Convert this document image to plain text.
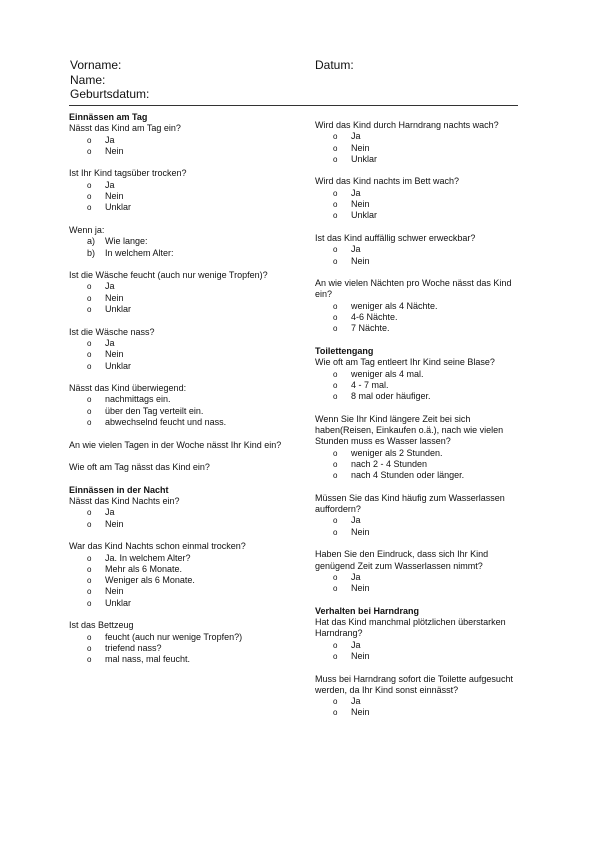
Vorname:
Name:
Geburtsdatum:
Datum:

Einnässen am Tag

Nässt das Kind am Tag ein?

o Ja
o Nein

Ist Ihr Kind tagsüber trocken?

o Ja
o Nein
o Unklar

Wenn ja:

a) Wie lange:
b) In welchem Alter:

Ist die Wäsche feucht (auch nur wenige Tropfen)?

o Ja
o Nein
o Unklar

Ist die Wäsche nass?

o Ja
o Nein
o Unklar

Nässt das Kind überwiegend:

o nachmittags ein.
o über den Tag verteilt ein.
o abwechselnd feucht und nass.

An wie vielen Tagen in der Woche nässt Ihr Kind ein?

Wie oft am Tag nässt das Kind ein?

Einnässen in der Nacht

Nässt das Kind Nachts ein?

o Ja
o Nein

War das Kind Nachts schon einmal trocken?

o Ja. In welchem Alter?
o Mehr als 6 Monate.
o Weniger als 6 Monate.
o Nein
o Unklar

Ist das Bettzeug

o feucht (auch nur wenige Tropfen?)
o triefend nass?
o mal nass, mal feucht.

Wird das Kind durch Harndrang nachts wach?

o Ja
o Nein
o Unklar

Wird das Kind nachts im Bett wach?

o Ja
o Nein
o Unklar

Ist das Kind auffällig schwer erweckbar?

o Ja
o Nein

An wie vielen Nächten pro Woche nässt das Kind ein?

o weniger als 4 Nächte.
o 4-6 Nächte.
o 7 Nächte.

Toilettengang

Wie oft am Tag entleert Ihr Kind seine Blase?

o weniger als 4 mal.
o 4 - 7 mal.
o 8 mal oder häufiger.

Wenn Sie Ihr Kind längere Zeit bei sich haben(Reisen, Einkaufen o.ä.), nach wie vielen Stunden muss es Wasser lassen?

o weniger als 2 Stunden.
o nach 2 - 4 Stunden
o nach 4 Stunden oder länger.

Müssen Sie das Kind häufig zum Wasserlassen auffordern?

o Ja
o Nein

Haben Sie den Eindruck, dass sich Ihr Kind genügend Zeit zum Wasserlassen nimmt?

o Ja
o Nein

Verhalten bei Harndrang

Hat das Kind manchmal plötzlichen überstarken Harndrang?

o Ja
o Nein

Muss bei Harndrang sofort die Toilette aufgesucht werden, da Ihr Kind sonst einnässt?

o Ja
o Nein
